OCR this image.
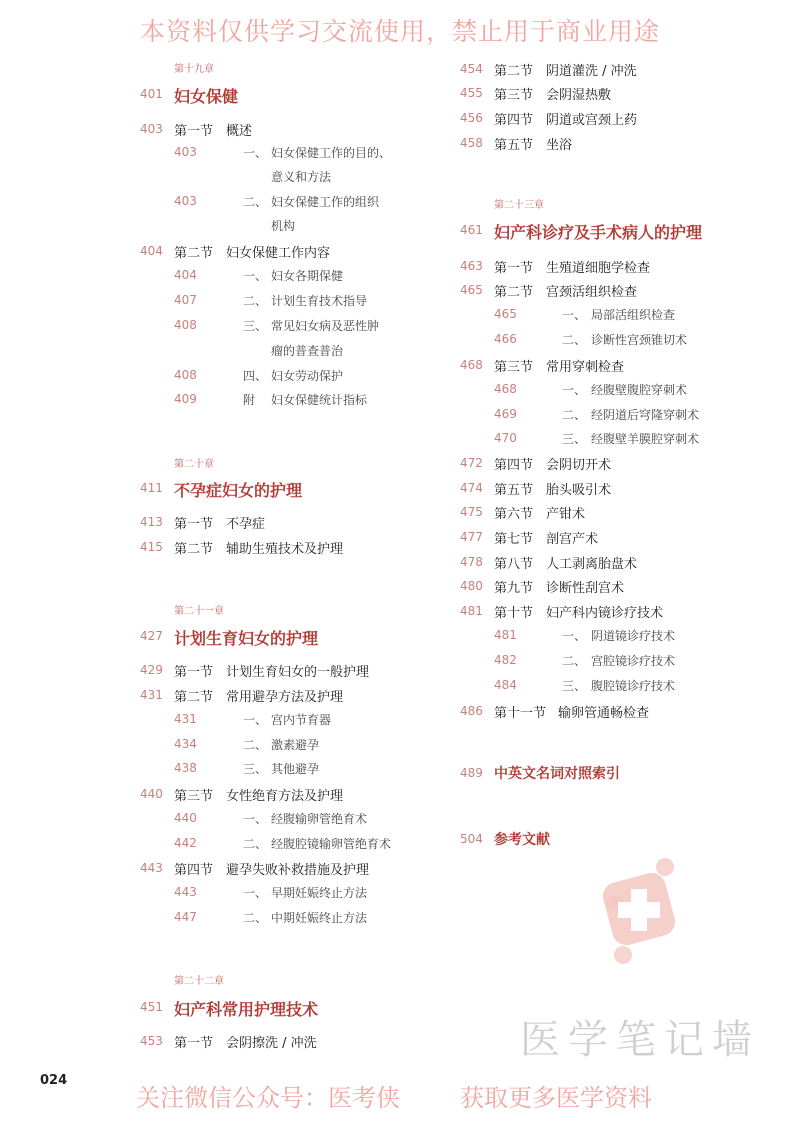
本资料仅供学习交流使用，禁止用于商业用途
第十九章
401 妇女保健
403 第一节 概述
403	一、 妇女保健工作的目的、
意义和方法
403	二、 妇女保健工作的组织
机构
404 第二节 妇女保健工作内容
404	一、 妇女各期保健
407	二、 计划生育技术指导
408	三、 常见妇女病及恶性肿
瘤的普查普治
408	四、 妇女劳动保护
409	附 妇女保健统计指标
第二十章
411 不孕症妇女的护理
413 第一节 不孕症
415 第二节 辅助生殖技术及护理
第二十一章
427 计划生育妇女的护理
429 第一节 计划生育妇女的一般护理
431 第二节 常用避孕方法及护理
431	一、 宫内节育器
434	二、 激素避孕
438	三、 其他避孕
440 第三节 女性绝育方法及护理
440	一、 经腹输卵管绝育术
442	二、 经腹腔镜输卵管绝育术
443 第四节 避孕失败补救措施及护理
443	一、 早期妊娠终止方法
447	二、 中期妊娠终止方法
第二十二章
451 妇产科常用护理技术
453 第一节 会阴擦洗 / 冲洗
454 第二节 阴道灌洗 / 冲洗
455 第三节 会阴湿热敷
456 第四节 阴道或宫颈上药
458 第五节 坐浴
第二十三章
461 妇产科诊疗及手术病人的护理
463 第一节 生殖道细胞学检查
465 第二节 宫颈活组织检查
465	一、 局部活组织检查
466	二、 诊断性宫颈锥切术
468 第三节 常用穿刺检查
468	一、 经腹壁腹腔穿刺术
469	二、 经阴道后穹隆穿刺术
470	三、 经腹壁羊膜腔穿刺术
472 第四节 会阴切开术
474 第五节 胎头吸引术
475 第六节 产钳术
477 第七节 剖宫产术
478 第八节 人工剥离胎盘术
480 第九节 诊断性刮宫术
481 第十节 妇产科内镜诊疗技术
481	一、 阴道镜诊疗技术
482	二、 宫腔镜诊疗技术
484	三、 腹腔镜诊疗技术
486 第十一节 输卵管通畅检查
489 中英文名词对照索引
504 参考文献
医学笔记墙
024
关注微信公众号：医考侠	获取更多医学资料
